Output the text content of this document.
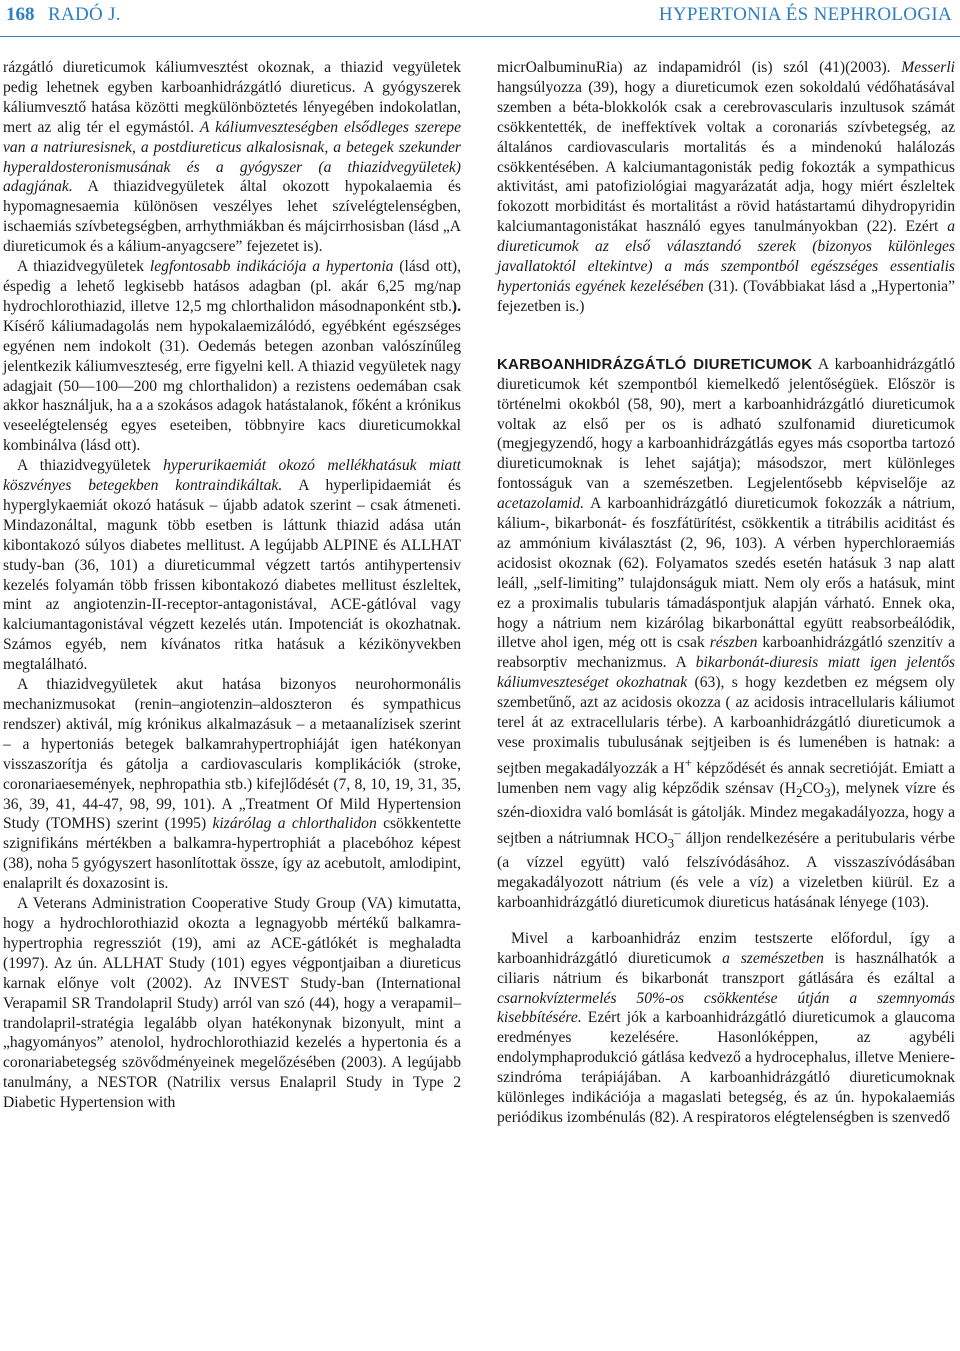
168 RADÓ J.	HYPERTONIA ÉS NEPHROLOGIA

rázgátló diureticumok káliumvesztést okoznak, a thiazid vegyületek pedig lehetnek egyben karboanhidrázgátló diureticus. A gyógyszerek káliumvesztő hatása közötti megkülönböztetés lényegében indokolatlan, mert az alig tér el egymástól. A káliumveszteségben elsődleges szerepe van a natriuresisnek, a postdiureticus alkalosisnak, a betegek szekunder hyperaldosteronismusának és a gyógyszer (a thiazidvegyületek) adagjának. A thiazidvegyületek által okozott hypokalaemia és hypomagnesaemia különösen veszélyes lehet szívelégtelenségben, ischaemiás szívbetegségben, arrhythmiákban és májcirrhosisban (lásd „A diureticumok és a kálium-anyagcsere” fejezetet is).

A thiazidvegyületek legfontosabb indikációja a hypertonia (lásd ott), éspedig a lehető legkisebb hatásos adagban (pl. akár 6,25 mg/nap hydrochlorothiazid, illetve 12,5 mg chlorthalidon másodnaponként stb.). Kísérő káliumadagolás nem hypokalaemizálódó, egyébként egészséges egyénen nem indokolt (31). Oedemás betegen azonban valószínűleg jelentkezik káliumveszteség, erre figyelni kell. A thiazid vegyületek nagy adagjait (50—100—200 mg chlorthalidon) a rezistens oedemában csak akkor használjuk, ha a a szokásos adagok hatástalanok, főként a krónikus veseelégtelenség egyes eseteiben, többnyire kacs diureticumokkal kombinálva (lásd ott).

A thiazidvegyületek hyperurikaemiát okozó mellékhatásuk miatt köszvényes betegekben kontraindikáltak. A hyperlipidaemiát és hyperglykaemiát okozó hatásuk – újabb adatok szerint – csak átmeneti. Mindazonáltal, magunk több esetben is láttunk thiazid adása után kibontakozó súlyos diabetes mellitust. A legújabb ALPINE és ALLHAT study-ban (36, 101) a diureticummal végzett tartós antihypertensiv kezelés folyamán több frissen kibontakozó diabetes mellitust észleltek, mint az angiotenzin-II-receptor-antagonistával, ACE-gátlóval vagy kalciumantagonistával végzett kezelés után. Impotenciát is okozhatnak. Számos egyéb, nem kívánatos ritka hatásuk a kézikönyvekben megtalálható.

A thiazidvegyületek akut hatása bizonyos neurohormonális mechanizmusokat (renin–angiotenzin–aldoszteron és sympathicus rendszer) aktivál, míg krónikus alkalmazásuk – a metaanalízisek szerint – a hypertoniás betegek balkamrahypertrophiáját igen hatékonyan visszaszorítja és gátolja a cardiovascularis komplikációk (stroke, coronariaesemények, nephropathia stb.) kifejlődését (7, 8, 10, 19, 31, 35, 36, 39, 41, 44-47, 98, 99, 101). A „Treatment Of Mild Hypertension Study (TOMHS) szerint (1995) kizárólag a chlorthalidon csökkentette szignifikáns mértékben a balkamra-hypertrophiát a placebóhoz képest (38), noha 5 gyógyszert hasonlítottak össze, így az acebutolt, amlodipint, enalaprilt és doxazosint is.

A Veterans Administration Cooperative Study Group (VA) kimutatta, hogy a hydrochlorothiazid okozta a legnagyobb mértékű balkamra-hypertrophia regressziót (19), ami az ACE-gátlókét is meghaladta (1997). Az ún. ALLHAT Study (101) egyes végpontjaiban a diureticus karnak előnye volt (2002). Az INVEST Study-ban (International Verapamil SR Trandolapril Study) arról van szó (44), hogy a verapamil–trandolapril-stratégia legalább olyan hatékonynak bizonyult, mint a „hagyományos” atenolol, hydrochlorothiazid kezelés a hypertonia és a coronariabetegség szövődményeinek megelőzésében (2003). A legújabb tanulmány, a NESTOR (Natrilix versus Enalapril Study in Type 2 Diabetic Hypertension with

micrOalbuminuRia) az indapamidról (is) szól (41)(2003). Messerli hangsúlyozza (39), hogy a diureticumok ezen sokoldalú védőhatásával szemben a béta-blokkolók csak a cerebrovascularis inzultusok számát csökkentették, de ineffektívek voltak a coronariás szívbetegség, az általános cardiovascularis mortalitás és a mindenokú halálozás csökkentésében. A kalciumantagonisták pedig fokozták a sympathicus aktivitást, ami patofiziológiai magyarázatát adja, hogy miért észleltek fokozott morbiditást és mortalitást a rövid hatástartamú dihydropyridin kalciumantagonistákat használó egyes tanulmányokban (22). Ezért a diureticumok az első választandó szerek (bizonyos különleges javallatoktól eltekintve) a más szempontból egészséges essentialis hypertoniás egyének kezelésében (31). (Továbbiakat lásd a „Hypertonia” fejezetben is.)

KARBOANHIDRÁZGÁTLÓ DIURETICUMOK A karboanhidrázgátló diureticumok két szempontból kiemelkedő jelentőségüek. Először is történelmi okokból (58, 90), mert a karboanhidrázgátló diureticumok voltak az első per os is adható szulfonamid diureticumok (megjegyzendő, hogy a karboanhidrázgátlás egyes más csoportba tartozó diureticumoknak is lehet sajátja); másodszor, mert különleges fontosságuk van a szemészetben. Legjelentősebb képviselője az acetazolamid. A karboanhidrázgátló diureticumok fokozzák a nátrium, kálium-, bikarbonát- és foszfátürítést, csökkentik a titrábilis aciditást és az ammónium kiválasztást (2, 96, 103). A vérben hyperchloraemiás acidosist okoznak (62). Folyamatos szedés esetén hatásuk 3 nap alatt leáll, „self-limiting” tulajdonságuk miatt. Nem oly erős a hatásuk, mint ez a proximalis tubularis támadáspontjuk alapján várható. Ennek oka, hogy a nátrium nem kizárólag bikarbonáttal együtt reabsorbeálódik, illetve ahol igen, még ott is csak részben karboanhidrázgátló szenzitív a reabsorptiv mechanizmus. A bikarbonát-diuresis miatt igen jelentős káliumveszteséget okozhatnak (63), s hogy kezdetben ez mégsem oly szembetűnő, azt az acidosis okozza ( az acidosis intracellularis káliumot terel át az extracellularis térbe). A karboanhidrázgátló diureticumok a vese proximalis tubulusának sejtjeiben is és lumenében is hatnak: a sejtben megakadályozzák a H+ képződését és annak secretióját. Emiatt a lumenben nem vagy alig képződik szénsav $(H_2CO_3)$, melynek vízre és szén-dioxidra való bomlását is gátolják. Mindez megakadályozza, hogy a sejtben a nátriumnak $HCO_3^-$ álljon rendelkezésére a peritubularis vérbe (a vízzel együtt) való felszívódásához. A visszaszívódásában megakadályozott nátrium (és vele a víz) a vizeletben kiürül. Ez a karboanhidrázgátló diureticumok diureticus hatásának lényege (103).

Mivel a karboanhidráz enzim testszerte előfordul, így a karboanhidrázgátló diureticumok a szemészetben is használhatók a ciliaris nátrium és bikarbonát transzport gátlására és ezáltal a csarnokvíztermelés 50%-os csökkentése útján a szemnyomás kisebbítésére. Ezért jók a karboanhidrázgátló diureticumok a glaucoma eredményes kezelésére. Hasonlóképpen, az agybéli endolymphaprodukció gátlása kedvező a hydrocephalus, illetve Meniere-szindróma terápiájában. A karboanhidrázgátló diureticumoknak különleges indikációja a magaslati betegség, és az ún. hypokalaemiás periódikus izombénulás (82). A respiratoros elégtelenségben is szenvedő
